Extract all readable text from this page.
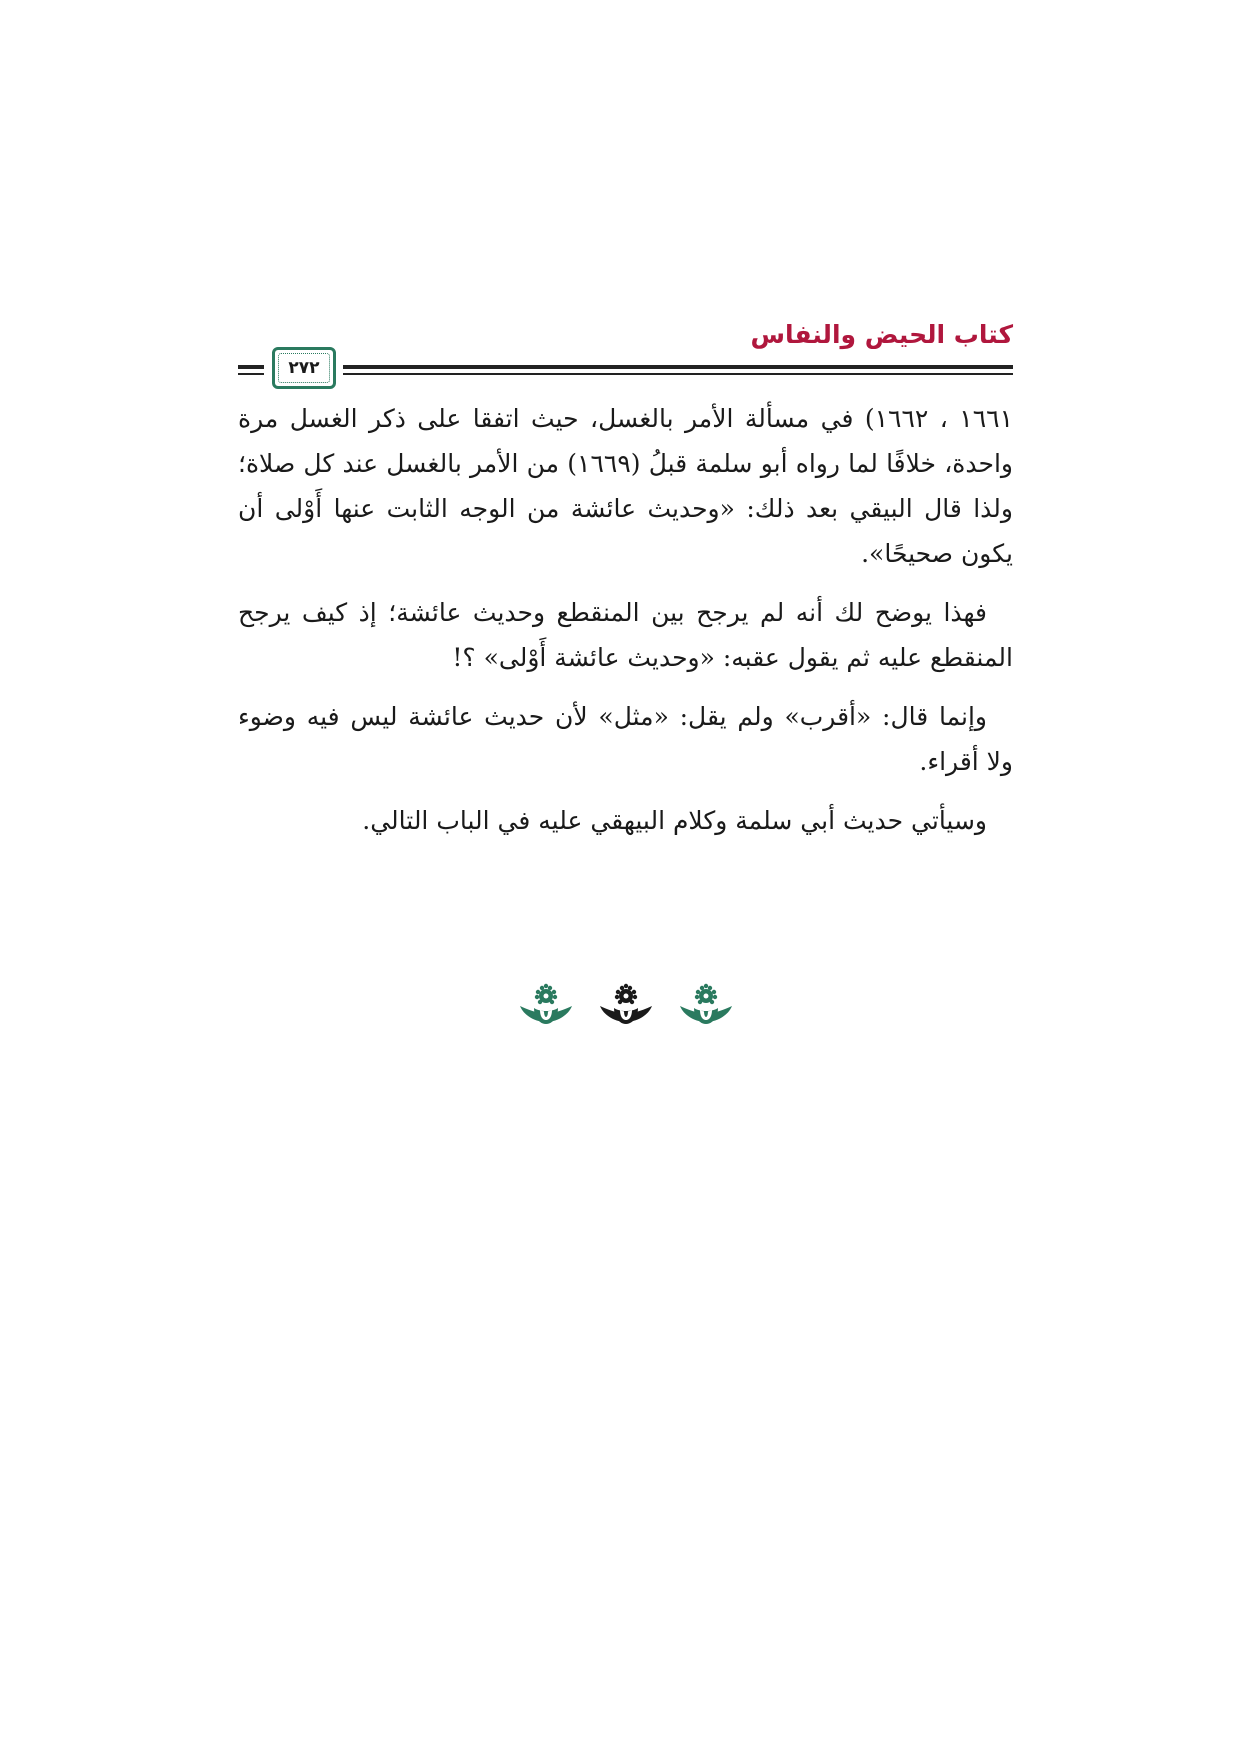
كتاب الحيض والنفاس
٢٧٢

١٦٦١ ، ١٦٦٢) في مسألة الأمر بالغسل، حيث اتفقا على ذكر الغسل مرة واحدة، خلافًا لما رواه أبو سلمة قبلُ (١٦٦٩) من الأمر بالغسل عند كل صلاة؛ ولذا قال البيقي بعد ذلك: «وحديث عائشة من الوجه الثابت عنها أَوْلى أن يكون صحيحًا».

فهذا يوضح لك أنه لم يرجح بين المنقطع وحديث عائشة؛ إذ كيف يرجح المنقطع عليه ثم يقول عقبه: «وحديث عائشة أَوْلى» ؟!

وإنما قال: «أقرب» ولم يقل: «مثل» لأن حديث عائشة ليس فيه وضوء ولا أقراء.

وسيأتي حديث أبي سلمة وكلام البيهقي عليه في الباب التالي.
